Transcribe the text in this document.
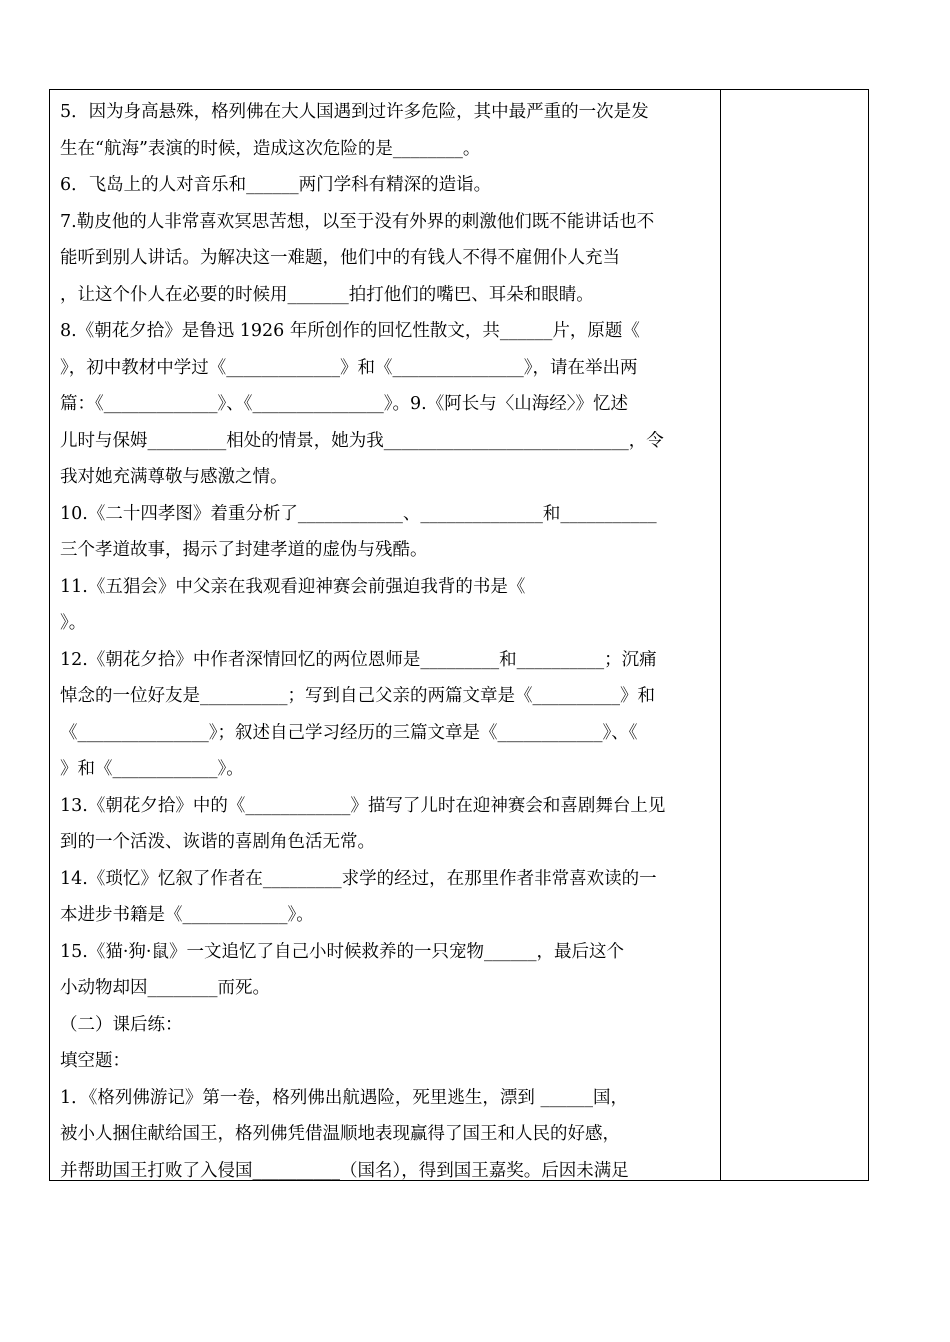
5．因为身高悬殊，格列佛在大人国遇到过许多危险，其中最严重的一次是发

生在“航海”表演的时候，造成这次危险的是________。

6．飞岛上的人对音乐和______两门学科有精深的造诣。

7.勒皮他的人非常喜欢冥思苦想，以至于没有外界的刺激他们既不能讲话也不

能听到别人讲话。为解决这一难题，他们中的有钱人不得不雇佣仆人充当

，让这个仆人在必要的时候用_______拍打他们的嘴巴、耳朵和眼睛。

8.《朝花夕拾》是鲁迅 1926 年所创作的回忆性散文，共______片，原题《

》，初中教材中学过《_____________》和《_______________》，请在举出两

篇：《_____________》、《_______________》。9.《阿长与〈山海经〉》忆述

儿时与保姆_________相处的情景，她为我____________________________，令

我对她充满尊敬与感激之情。

10.《二十四孝图》着重分析了____________、______________和___________

三个孝道故事，揭示了封建孝道的虚伪与残酷。

11.《五猖会》中父亲在我观看迎神赛会前强迫我背的书是《

》。

12.《朝花夕拾》中作者深情回忆的两位恩师是_________和__________；沉痛

悼念的一位好友是__________；写到自己父亲的两篇文章是《__________》和

《_______________》；叙述自己学习经历的三篇文章是《____________》、《

》和《____________》。

13.《朝花夕拾》中的《____________》描写了儿时在迎神赛会和喜剧舞台上见

到的一个活泼、诙谐的喜剧角色活无常。

14.《琐忆》忆叙了作者在_________求学的经过，在那里作者非常喜欢读的一

本进步书籍是《____________》。

15.《猫·狗·鼠》一文追忆了自己小时候救养的一只宠物______，最后这个

小动物却因________而死。

（二）课后练：

填空题：

1．《格列佛游记》第一卷，格列佛出航遇险，死里逃生，漂到 ______国，

被小人捆住献给国王，格列佛凭借温顺地表现赢得了国王和人民的好感，

并帮助国王打败了入侵国__________（国名），得到国王嘉奖。后因未满足
